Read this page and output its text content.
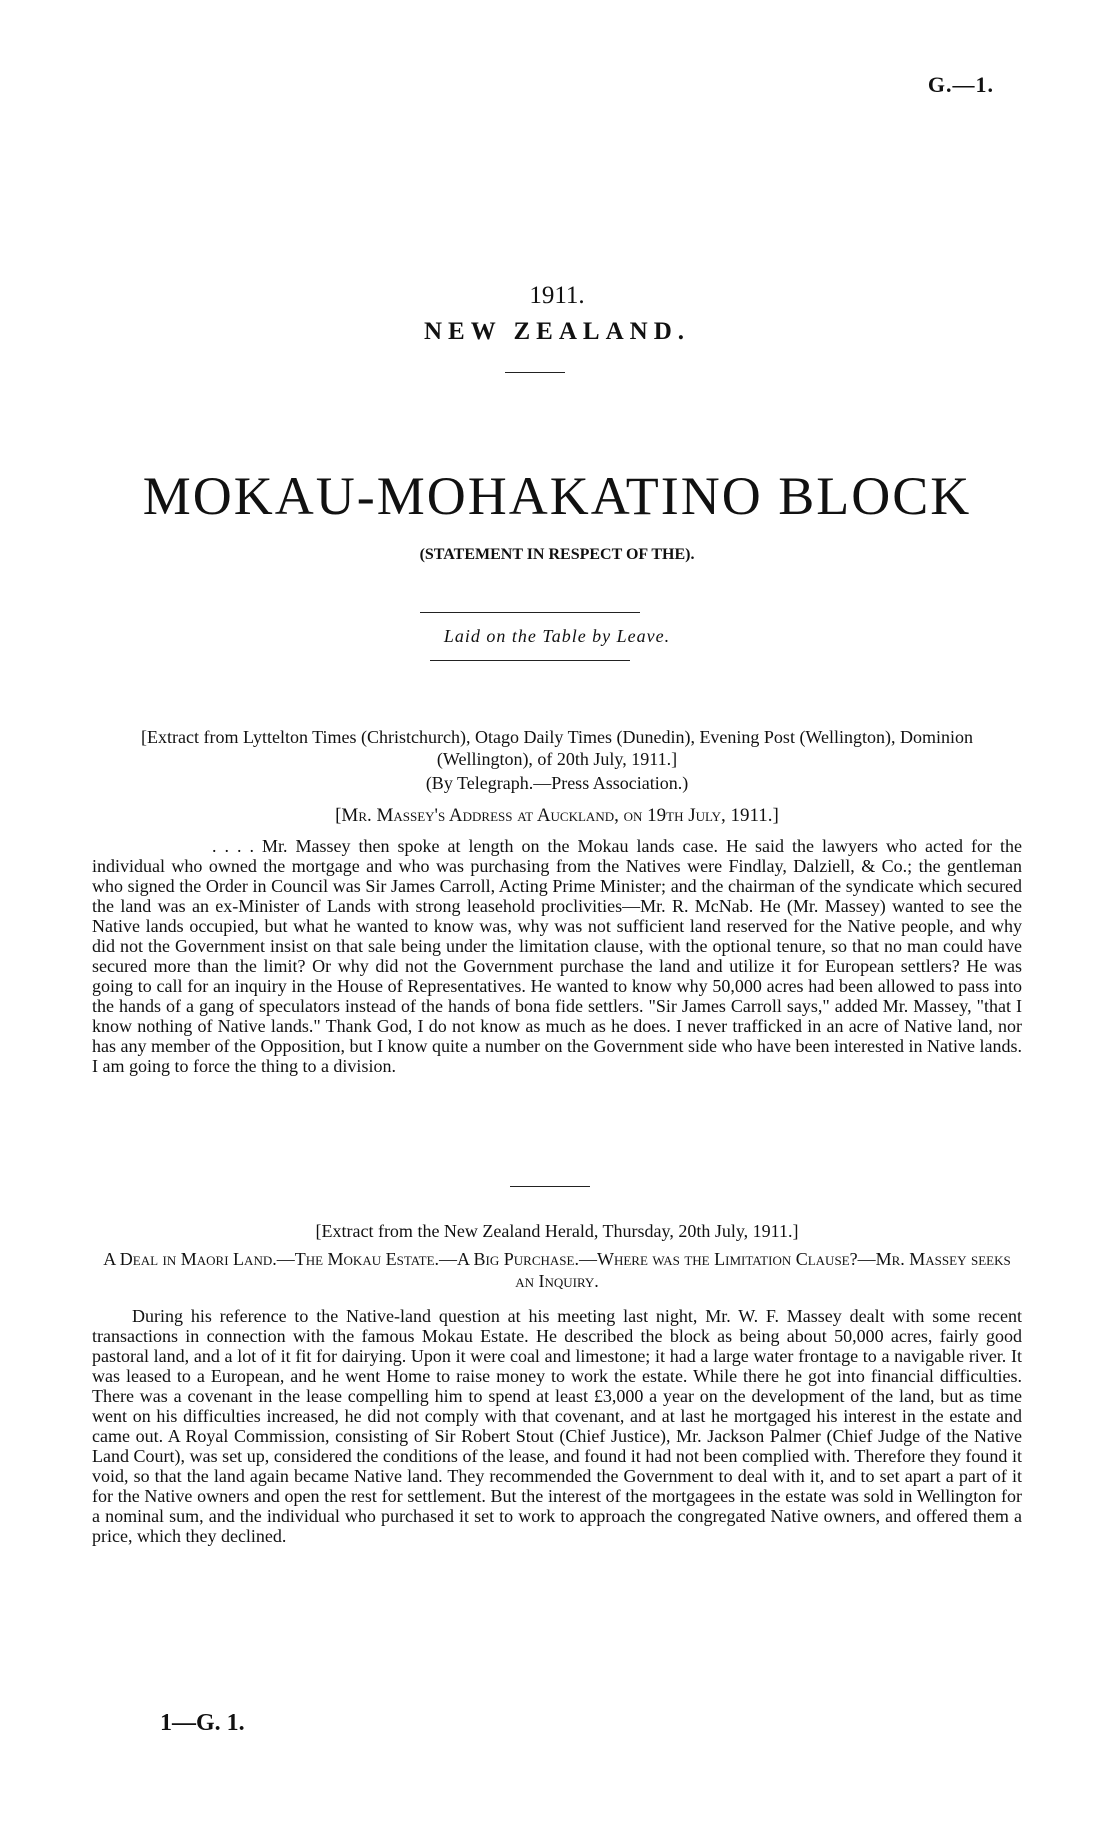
G.—1.
1911.
NEW ZEALAND.
MOKAU-MOHAKATINO BLOCK
(STATEMENT IN RESPECT OF THE).
Laid on the Table by Leave.
[Extract from Lyttelton Times (Christchurch), Otago Daily Times (Dunedin), Evening Post (Wellington), Dominion (Wellington), of 20th July, 1911.]
(By Telegraph.—Press Association.)
[Mr. Massey's Address at Auckland, on 19th July, 1911.]
. . . . Mr. Massey then spoke at length on the Mokau lands case. He said the lawyers who acted for the individual who owned the mortgage and who was purchasing from the Natives were Findlay, Dalziell, & Co.; the gentleman who signed the Order in Council was Sir James Carroll, Acting Prime Minister; and the chairman of the syndicate which secured the land was an ex-Minister of Lands with strong leasehold proclivities—Mr. R. McNab. He (Mr. Massey) wanted to see the Native lands occupied, but what he wanted to know was, why was not sufficient land reserved for the Native people, and why did not the Government insist on that sale being under the limitation clause, with the optional tenure, so that no man could have secured more than the limit? Or why did not the Government purchase the land and utilize it for European settlers? He was going to call for an inquiry in the House of Representatives. He wanted to know why 50,000 acres had been allowed to pass into the hands of a gang of speculators instead of the hands of bona fide settlers. "Sir James Carroll says," added Mr. Massey, "that I know nothing of Native lands." Thank God, I do not know as much as he does. I never trafficked in an acre of Native land, nor has any member of the Opposition, but I know quite a number on the Government side who have been interested in Native lands. I am going to force the thing to a division.
[Extract from the New Zealand Herald, Thursday, 20th July, 1911.]
A Deal in Maori Land.—The Mokau Estate.—A Big Purchase.—Where was the Limitation Clause?—Mr. Massey seeks an Inquiry.
During his reference to the Native-land question at his meeting last night, Mr. W. F. Massey dealt with some recent transactions in connection with the famous Mokau Estate. He described the block as being about 50,000 acres, fairly good pastoral land, and a lot of it fit for dairying. Upon it were coal and limestone; it had a large water frontage to a navigable river. It was leased to a European, and he went Home to raise money to work the estate. While there he got into financial difficulties. There was a covenant in the lease compelling him to spend at least £3,000 a year on the development of the land, but as time went on his difficulties increased, he did not comply with that covenant, and at last he mortgaged his interest in the estate and came out. A Royal Commission, consisting of Sir Robert Stout (Chief Justice), Mr. Jackson Palmer (Chief Judge of the Native Land Court), was set up, considered the conditions of the lease, and found it had not been complied with. Therefore they found it void, so that the land again became Native land. They recommended the Government to deal with it, and to set apart a part of it for the Native owners and open the rest for settlement. But the interest of the mortgagees in the estate was sold in Wellington for a nominal sum, and the individual who purchased it set to work to approach the congregated Native owners, and offered them a price, which they declined.
1—G. 1.
